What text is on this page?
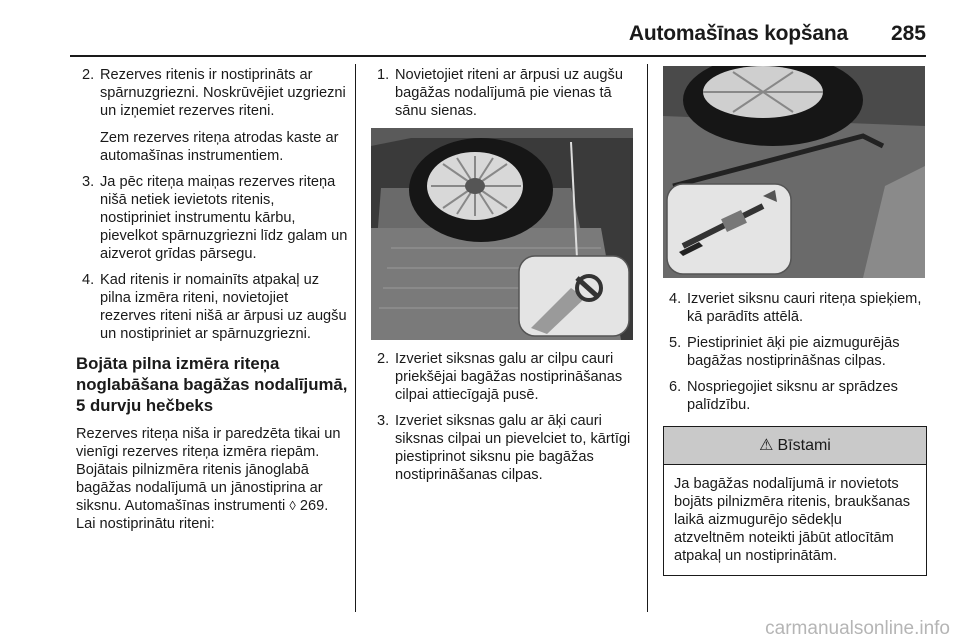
Automašīnas kopšana 285
2. Rezerves ritenis ir nostiprināts ar spārnuzgriezni. Noskrūvējiet uzgriezni un izņemiet rezerves riteni.

Zem rezerves riteņa atrodas kaste ar automašīnas instrumentiem.

3. Ja pēc riteņa maiņas rezerves riteņa nišā netiek ievietots ritenis, nostipriniet instrumentu kārbu, pievelkot spārnuzgriezni līdz galam un aizverot grīdas pārsegu.

4. Kad ritenis ir nomainīts atpakaļ uz pilna izmēra riteni, novietojiet rezerves riteni nišā ar ārpusi uz augšu un nostipriniet ar spārnuzgriezni.

Bojāta pilna izmēra riteņa noglabāšana bagāžas nodalījumā, 5 durvju hečbeks

Rezerves riteņa niša ir paredzēta tikai un vienīgi rezerves riteņa izmēra riepām. Bojātais pilnizmēra ritenis jānoglabā bagāžas nodalījumā un jānostiprina ar siksnu. Automašīnas instrumenti ◊ 269. Lai nostiprinātu riteni:

1. Novietojiet riteni ar ārpusi uz augšu bagāžas nodalījumā pie vienas tā sānu sienas.

2. Izveriet siksnas galu ar cilpu cauri priekšējai bagāžas nostiprināšanas cilpai attiecīgajā pusē.

3. Izveriet siksnas galu ar āķi cauri siksnas cilpai un pievelciet to, kārtīgi piestiprinot siksnu pie bagāžas nostiprināšanas cilpas.

4. Izveriet siksnu cauri riteņa spieķiem, kā parādīts attēlā.

5. Piestipriniet āķi pie aizmugurējās bagāžas nostiprināšnas cilpas.

6. Nospriegojiet siksnu ar sprādzes palīdzību.

⚠ Bīstami
Ja bagāžas nodalījumā ir novietots bojāts pilnizmēra ritenis, braukšanas laikā aizmugurējo sēdekļu atzveltnēm noteikti jābūt atlocītām atpakaļ un nostiprinātām.
carmanualsonline.info
